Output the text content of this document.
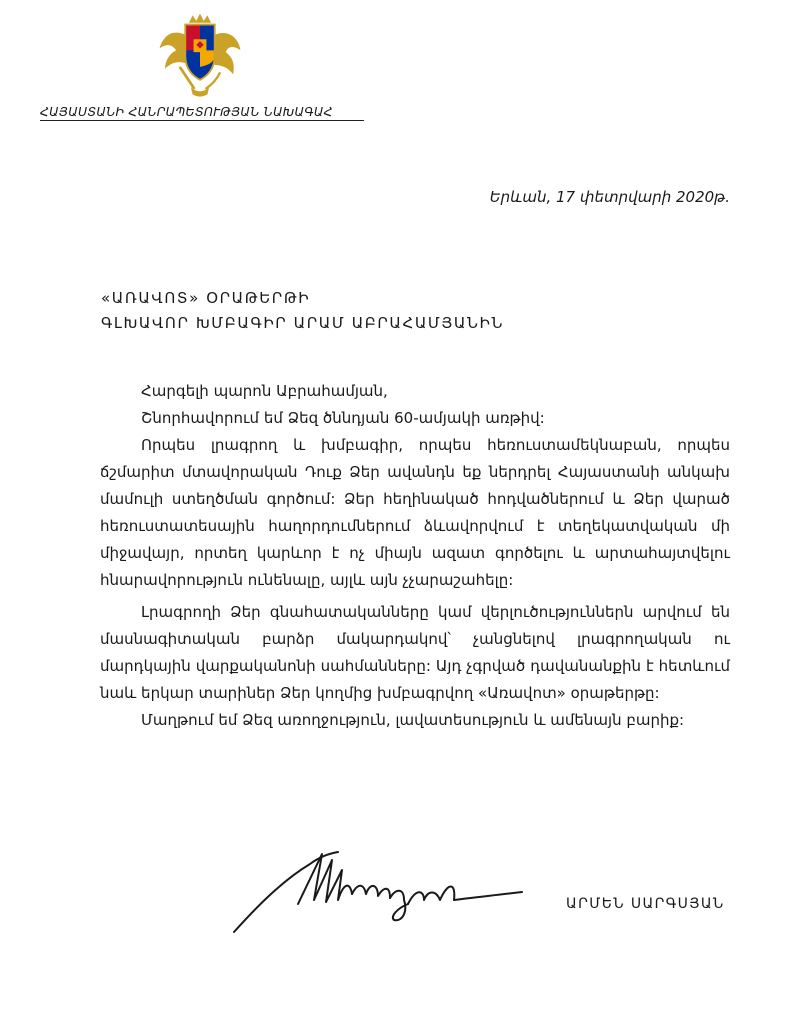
ՀԱՅԱՍՏԱՆԻ ՀԱՆՐԱՊԵՏՈՒԹՅԱՆ ՆԱԽԱԳԱՀ
Երևան, 17 փետրվարի 2020թ.
«ԱՌԱՎՈՏ» ՕՐԱԹԵՐԹԻ
ԳԼԽԱՎՈՐ ԽՄԲԱԳԻՐ ԱՐԱՄ ԱԲՐԱՀԱՄՅԱՆԻՆ

Հարգելի պարոն Աբրահամյան,

Շնորհավորում եմ Ձեզ ծննդյան 60-ամյակի առթիվ:

Որպես լրագրող և խմբագիր, որպես հեռուստամեկնաբան, որպես ճշմարիտ մտավորական Դուք Ձեր ավանդն եք ներդրել Հայաստանի անկախ մամուլի ստեղծման գործում: Ձեր հեղինակած հոդվածներում և Ձեր վարած հեռուստատեսային հաղորդումներում ձևավորվում է տեղեկատվական մի միջավայր, որտեղ կարևոր է ոչ միայն ազատ գործելու և արտահայտվելու հնարավորություն ունենալը, այլև այն չչարաշահելը:

Լրագրողի Ձեր գնահատականները կամ վերլուծություններն արվում են մասնագիտական բարձր մակարդակով՝ չանցնելով լրագրողական ու մարդկային վարքականոնի սահմանները: Այդ չգրված դավանանքին է հետևում նաև երկար տարիներ Ձեր կողմից խմբագրվող «Առավոտ» օրաթերթը:

Մաղթում եմ Ձեզ առողջություն, լավատեսություն և ամենայն բարիք:

ԱՐՄԵՆ ՍԱՐԳՍՅԱՆ
